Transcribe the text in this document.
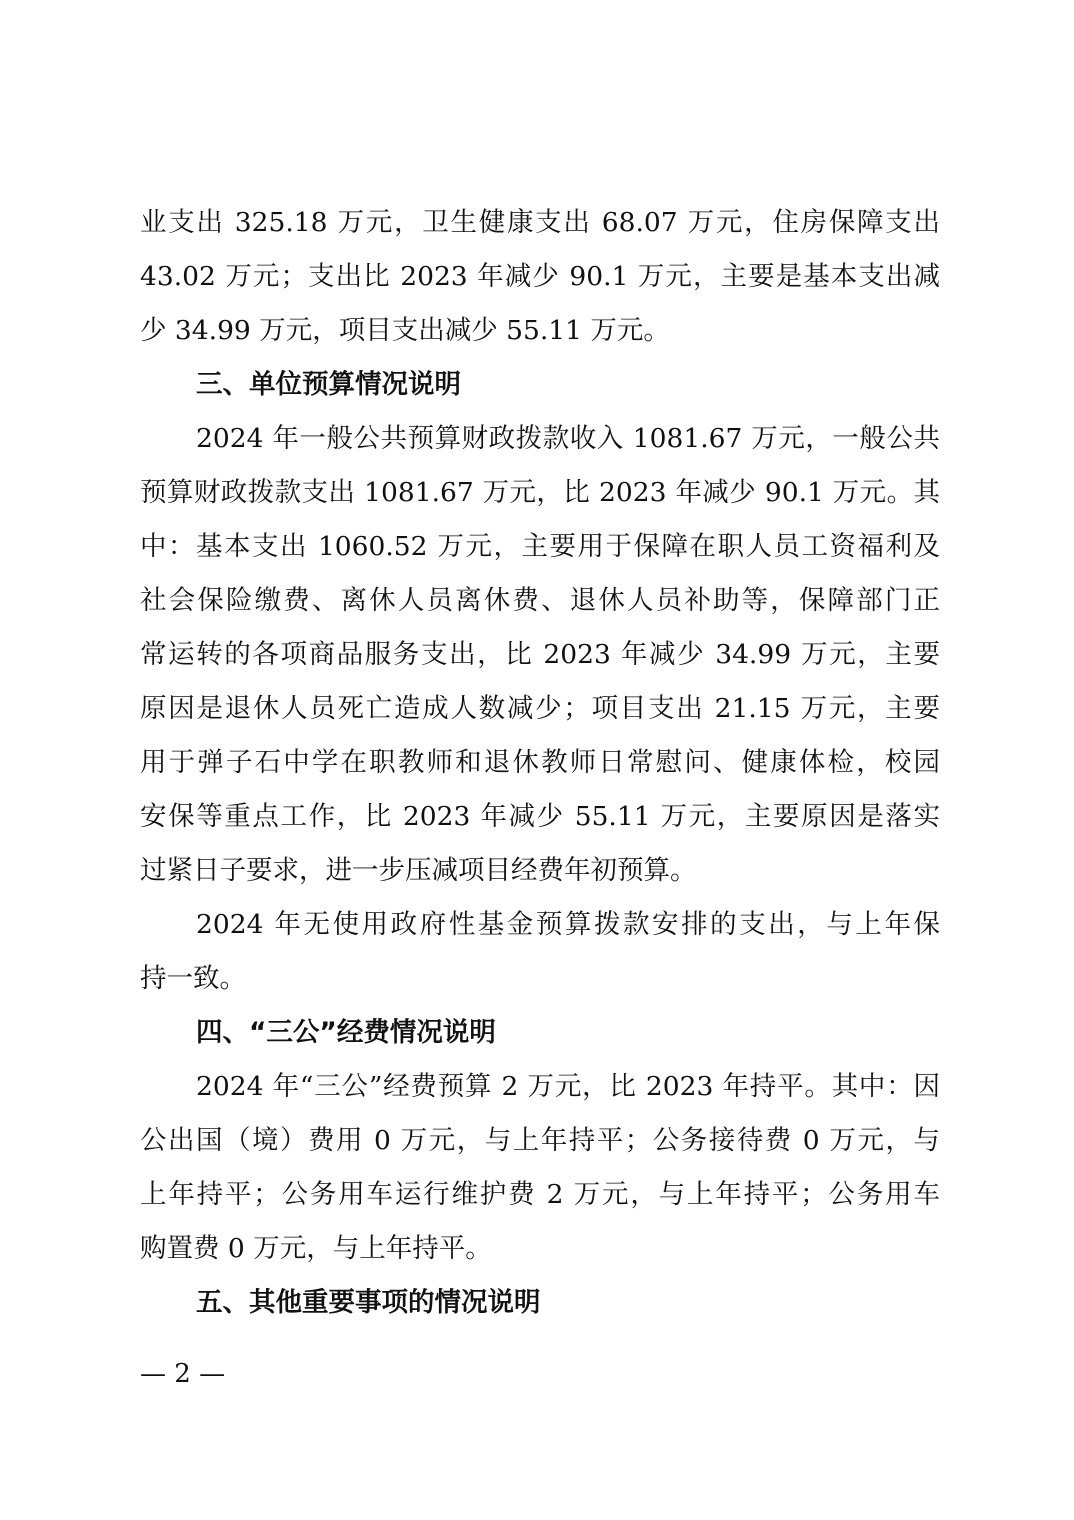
业支出 325.18 万元，卫生健康支出 68.07 万元，住房保障支出
43.02 万元；支出比 2023 年减少 90.1 万元，主要是基本支出减
少 34.99 万元，项目支出减少 55.11 万元。
三、单位预算情况说明
2024 年一般公共预算财政拨款收入 1081.67 万元，一般公共
预算财政拨款支出 1081.67 万元，比 2023 年减少 90.1 万元。其
中：基本支出 1060.52 万元，主要用于保障在职人员工资福利及
社会保险缴费、离休人员离休费、退休人员补助等，保障部门正
常运转的各项商品服务支出，比 2023 年减少 34.99 万元，主要
原因是退休人员死亡造成人数减少；项目支出 21.15 万元，主要
用于弹子石中学在职教师和退休教师日常慰问、健康体检，校园
安保等重点工作，比 2023 年减少 55.11 万元，主要原因是落实
过紧日子要求，进一步压减项目经费年初预算。
2024 年无使用政府性基金预算拨款安排的支出，与上年保
持一致。
四、“三公”经费情况说明
2024 年“三公”经费预算 2 万元，比 2023 年持平。其中：因
公出国（境）费用 0 万元，与上年持平；公务接待费 0 万元，与
上年持平；公务用车运行维护费 2 万元，与上年持平；公务用车
购置费 0 万元，与上年持平。
五、其他重要事项的情况说明
— 2 —
